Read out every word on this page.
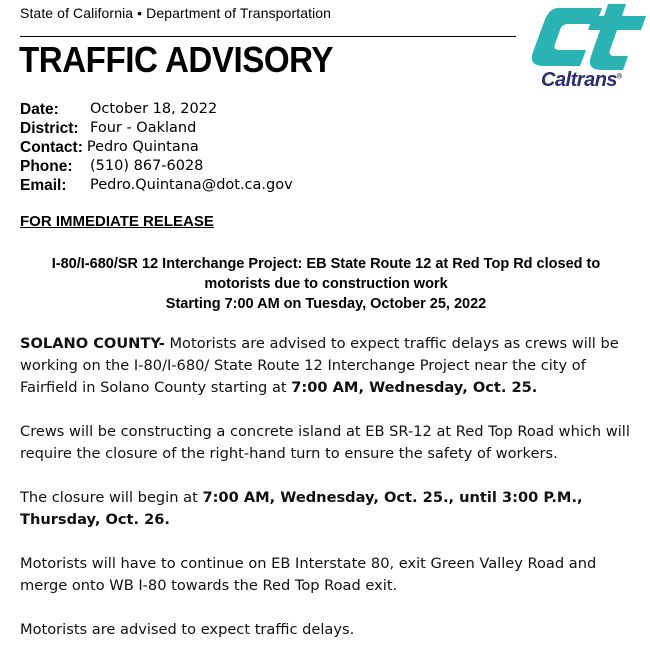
State of California • Department of Transportation
TRAFFIC ADVISORY	Caltrans®
Date:	October 18, 2022
District: Four - Oakland
Contact: Pedro Quintana
Phone:	(510) 867-6028
Email:	Pedro.Quintana@dot.ca.gov
FOR IMMEDIATE RELEASE
I-80/I-680/SR 12 Interchange Project: EB State Route 12 at Red Top Rd closed to
motorists due to construction work
Starting 7:00 AM on Tuesday, October 25, 2022
SOLANO COUNTY- Motorists are advised to expect traffic delays as crews will be working on the I-80/I-680/ State Route 12 Interchange Project near the city of Fairfield in Solano County starting at 7:00 AM, Wednesday, Oct. 25.
Crews will be constructing a concrete island at EB SR-12 at Red Top Road which will require the closure of the right-hand turn to ensure the safety of workers.
The closure will begin at 7:00 AM, Wednesday, Oct. 25., until 3:00 P.M., Thursday, Oct. 26.
Motorists will have to continue on EB Interstate 80, exit Green Valley Road and merge onto WB I-80 towards the Red Top Road exit.
Motorists are advised to expect traffic delays.
